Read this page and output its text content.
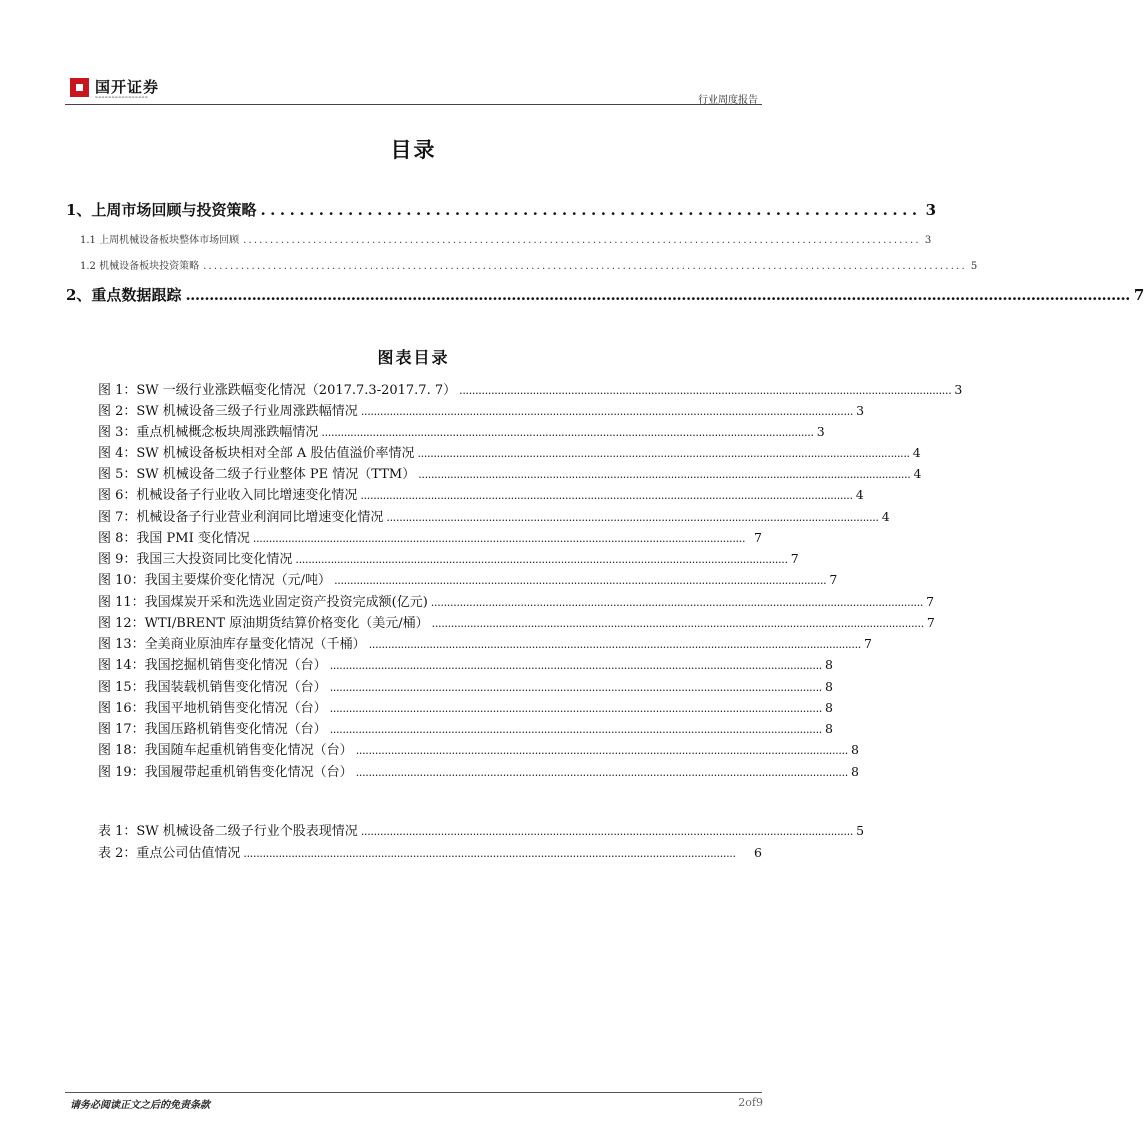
国开证券
▬▬▬▬▬▬▬▬▬▬▬▬▬▬▬▬	行业周度报告
目录
1、上周市场回顾与投资策略 .................................................................... 3
1.1 上周机械设备板块整体市场回顾 .............................................................................................................................. 3
1.2 机械设备板块投资策略 .............................................................................................................................................. 5
2、重点数据跟踪 ........................................................................................................................................................................................................ 7
图表目录
图 1：SW 一级行业涨跌幅变化情况（2017.7.3-2017.7. 7） .......................................................................................................................................................... 3
图 2：SW 机械设备三级子行业周涨跌幅情况 .......................................................................................................................................................... 3
图 3：重点机械概念板块周涨跌幅情况 .......................................................................................................................................................... 3
图 4：SW 机械设备板块相对全部 A 股估值溢价率情况 .......................................................................................................................................................... 4
图 5：SW 机械设备二级子行业整体 PE 情况（TTM） .......................................................................................................................................................... 4
图 6：机械设备子行业收入同比增速变化情况 .......................................................................................................................................................... 4
图 7：机械设备子行业营业利润同比增速变化情况 .......................................................................................................................................................... 4
图 8：我国 PMI 变化情况 .......................................................................................................................................................... 7
图 9：我国三大投资同比变化情况 .......................................................................................................................................................... 7
图 10：我国主要煤价变化情况（元/吨） .......................................................................................................................................................... 7
图 11：我国煤炭开采和洗选业固定资产投资完成额(亿元) .......................................................................................................................................................... 7
图 12：WTI/BRENT 原油期货结算价格变化（美元/桶） .......................................................................................................................................................... 7
图 13：全美商业原油库存量变化情况（千桶） .......................................................................................................................................................... 7
图 14：我国挖掘机销售变化情况（台） .......................................................................................................................................................... 8
图 15：我国装载机销售变化情况（台） .......................................................................................................................................................... 8
图 16：我国平地机销售变化情况（台） .......................................................................................................................................................... 8
图 17：我国压路机销售变化情况（台） .......................................................................................................................................................... 8
图 18：我国随车起重机销售变化情况（台） .......................................................................................................................................................... 8
图 19：我国履带起重机销售变化情况（台） .......................................................................................................................................................... 8
表 1：SW 机械设备二级子行业个股表现情况 .......................................................................................................................................................... 5
表 2：重点公司估值情况 ..........................................................................................................................................................	6
请务必阅读正文之后的免责条款	2of9
